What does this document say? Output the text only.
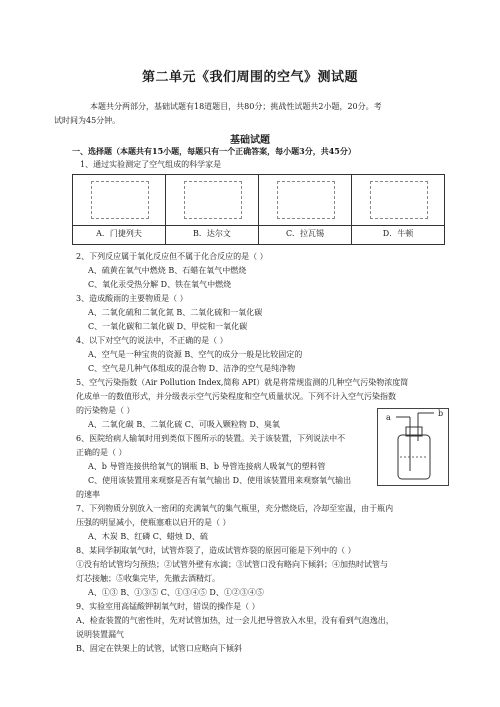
第二单元《我们周围的空气》测试题
本题共分两部分，基础试题有18道题目，共80分；挑战性试题共2小题，20分。考
试时间为45分钟。
基础试题
一、选择题（本题共有15小题，每题只有一个正确答案，每小题3分，共45分）
1、通过实验测定了空气组成的科学家是
A．门捷列夫	B．达尔文	C．拉瓦锡	D．牛顿
2、下列反应属于氧化反应但不属于化合反应的是（ ）
A、硫黄在氧气中燃烧 B、石蜡在氧气中燃烧
C、氧化汞受热分解 D、铁在氧气中燃烧
3、造成酸雨的主要物质是（ ）
A、二氧化硫和二氧化氮 B、二氧化硫和一氧化碳
C、一氧化碳和二氧化碳 D、甲烷和一氧化碳
4、以下对空气的说法中，不正确的是（ ）
A、空气是一种宝贵的资源 B、空气的成分一般是比较固定的
C、空气是几种气体组成的混合物 D、洁净的空气是纯净物
5、空气污染指数（Air Pollution Index,简称 API）就是将常规监测的几种空气污染物浓度简
化成单一的数值形式，并分级表示空气污染程度和空气质量状况。下列不计入空气污染指数
的污染物是（ ）
A、二氧化碳 B、二氧化硫 C、可吸入颗粒物 D、臭氧
6、医院给病人输氧时用到类似下图所示的装置。关于该装置，下列说法中不
正确的是（ ）
A、b 导管连接供给氧气的钢瓶 B、b 导管连接病人吸氧气的塑料管
C、使用该装置用来观察是否有氧气输出 D、使用该装置用来观察氧气输出
的速率
a	b
7、下列物质分别放入一密闭的充满氧气的集气瓶里，充分燃烧后，冷却至室温，由于瓶内
压强的明显减小，使瓶塞难以启开的是（ ）
A、木炭 B、红磷 C、蜡烛 D、硫
8、某同学制取氧气时，试管炸裂了，造成试管炸裂的原因可能是下列中的（ ）
①没有给试管均匀预热；②试管外壁有水滴；③试管口没有略向下倾斜；④加热时试管与
灯芯接触；⑤收集完毕，先撤去酒精灯。
A、①③ B、①③⑤ C、①③④⑤ D、①②③④⑤
9、实验室用高锰酸钾制氧气时，错误的操作是（ ）
A、检查装置的气密性时，先对试管加热，过一会儿把导管放入水里，没有看到气泡逸出，
说明装置漏气
B、固定在铁架上的试管，试管口应略向下倾斜
